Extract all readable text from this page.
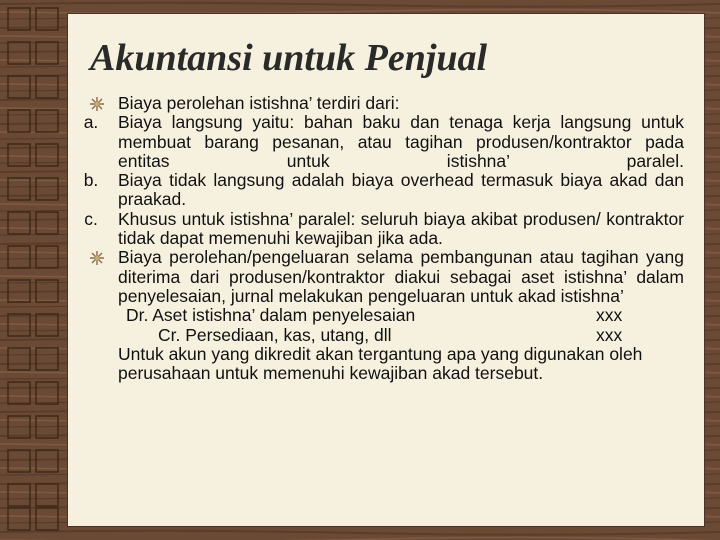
Akuntansi untuk Penjual
Biaya perolehan istishna’ terdiri dari:
a.	Biaya langsung yaitu: bahan baku dan tenaga kerja langsung untuk membuat barang pesanan, atau tagihan produsen/kontraktor pada entitas untuk istishna’ paralel.
b.	Biaya tidak langsung adalah biaya overhead termasuk biaya akad dan  praakad.
c.	Khusus untuk istishna’ paralel: seluruh biaya akibat produsen/ kontraktor tidak dapat memenuhi kewajiban jika ada.
Biaya perolehan/pengeluaran selama pembangunan atau tagihan yang diterima dari produsen/kontraktor diakui sebagai aset istishna’ dalam penyelesaian, jurnal melakukan pengeluaran untuk akad istishna’
Dr. Aset istishna’ dalam penyelesaian	xxx
Cr. Persediaan, kas, utang, dll	xxx
Untuk akun yang dikredit akan tergantung apa yang digunakan oleh perusahaan untuk memenuhi kewajiban akad tersebut.
